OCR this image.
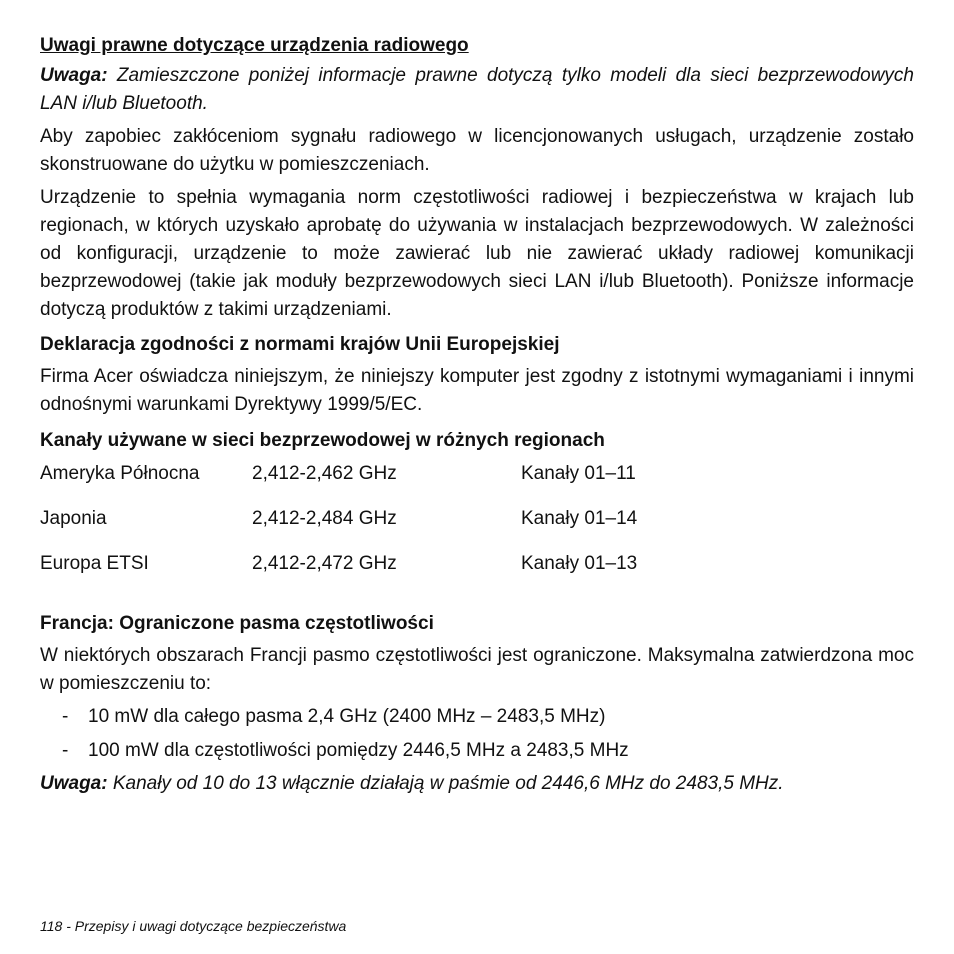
Uwagi prawne dotyczące urządzenia radiowego

Uwaga: Zamieszczone poniżej informacje prawne dotyczą tylko modeli dla sieci bezprzewodowych LAN i/lub Bluetooth.

Aby zapobiec zakłóceniom sygnału radiowego w licencjonowanych usługach, urządzenie zostało skonstruowane do użytku w pomieszczeniach.

Urządzenie to spełnia wymagania norm częstotliwości radiowej i bezpieczeństwa w krajach lub regionach, w których uzyskało aprobatę do używania w instalacjach bezprzewodowych. W zależności od konfiguracji, urządzenie to może zawierać lub nie zawierać układy radiowej komunikacji bezprzewodowej (takie jak moduły bezprzewodowych sieci LAN i/lub Bluetooth). Poniższe informacje dotyczą produktów z takimi urządzeniami.

Deklaracja zgodności z normami krajów Unii Europejskiej

Firma Acer oświadcza niniejszym, że niniejszy komputer jest zgodny z istotnymi wymaganiami i innymi odnośnymi warunkami Dyrektywy 1999/5/EC.

Kanały używane w sieci bezprzewodowej w różnych regionach
Ameryka Północna	2,412-2,462 GHz	Kanały 01–11
Japonia	2,412-2,484 GHz	Kanały 01–14
Europa ETSI	2,412-2,472 GHz	Kanały 01–13
Francja: Ograniczone pasma częstotliwości

W niektórych obszarach Francji pasmo częstotliwości jest ograniczone. Maksymalna zatwierdzona moc w pomieszczeniu to:

- 10 mW dla całego pasma 2,4 GHz (2400 MHz – 2483,5 MHz)
- 100 mW dla częstotliwości pomiędzy 2446,5 MHz a 2483,5 MHz

Uwaga: Kanały od 10 do 13 włącznie działają w paśmie od 2446,6 MHz do 2483,5 MHz.

118 - Przepisy i uwagi dotyczące bezpieczeństwa
